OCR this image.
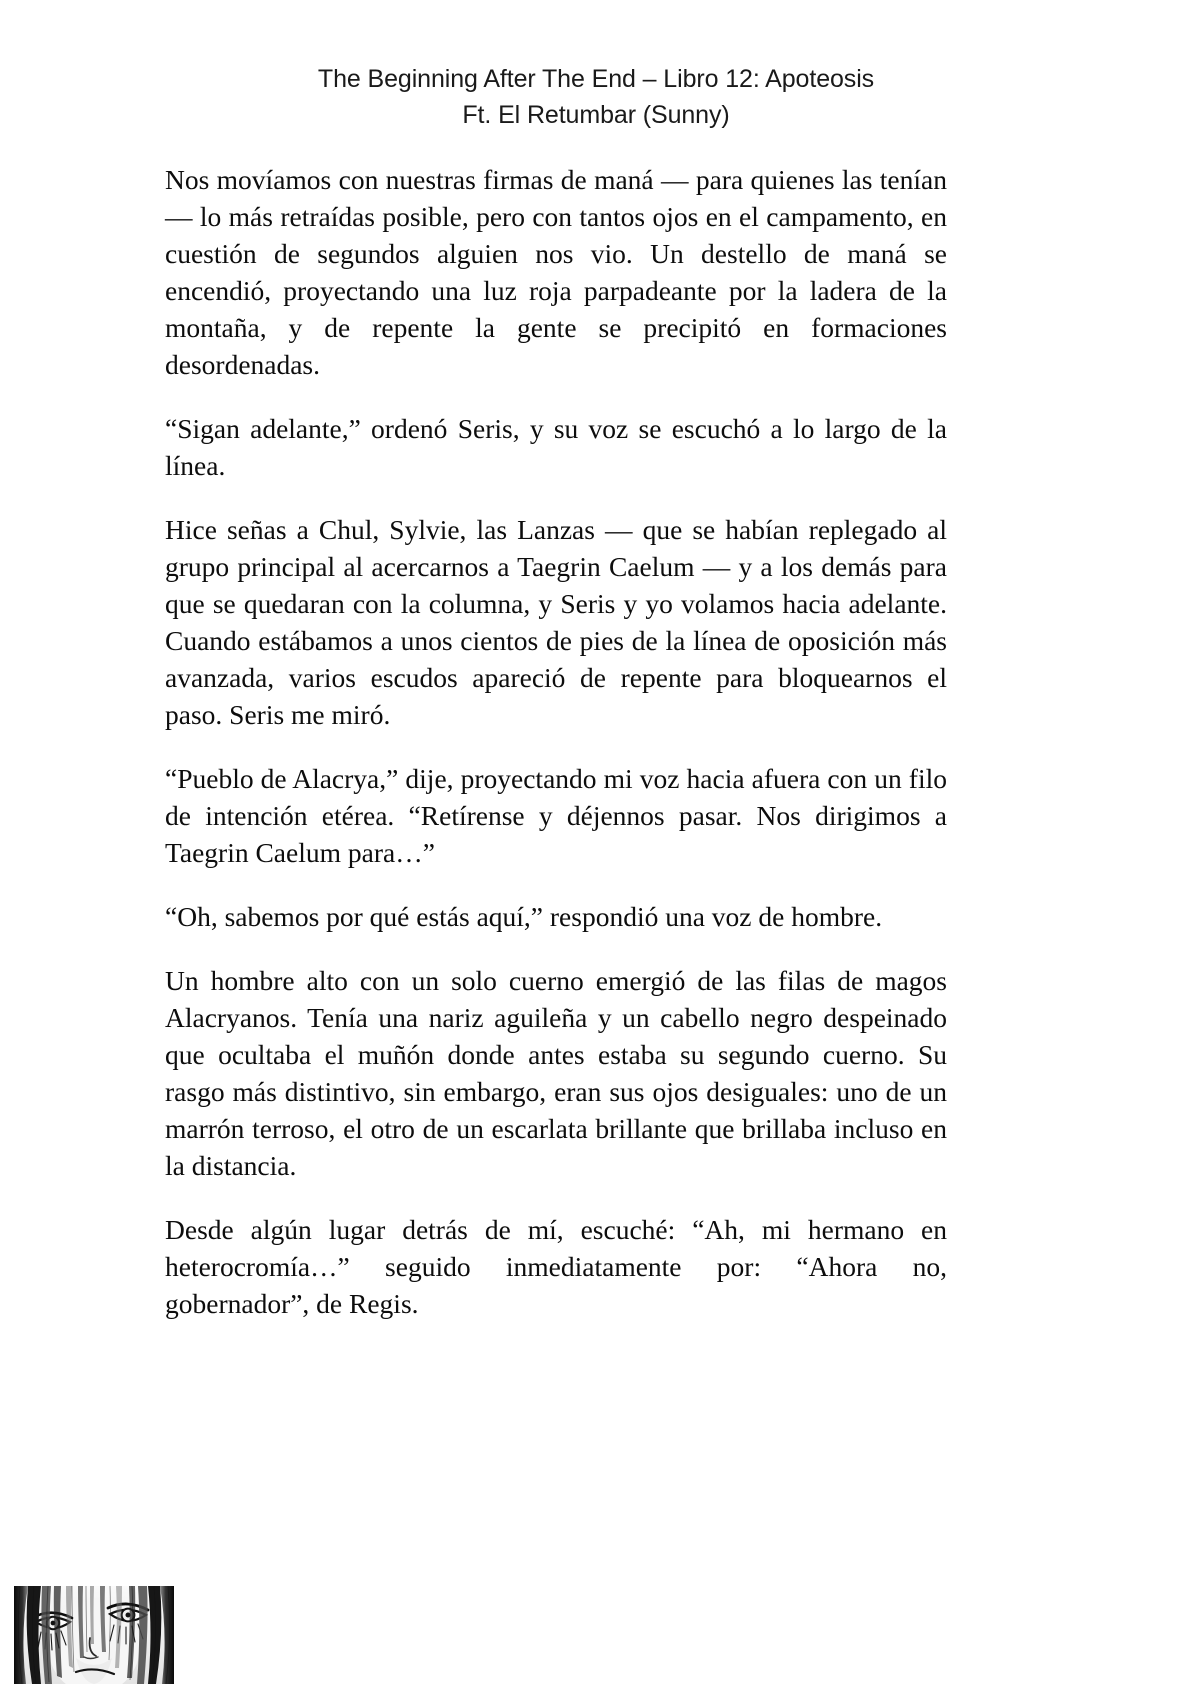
The Beginning After The End – Libro 12: Apoteosis
Ft. El Retumbar (Sunny)

Nos movíamos con nuestras firmas de maná — para quienes las tenían — lo más retraídas posible, pero con tantos ojos en el campamento, en cuestión de segundos alguien nos vio. Un destello de maná se encendió, proyectando una luz roja parpadeante por la ladera de la montaña, y de repente la gente se precipitó en formaciones desordenadas.

“Sigan adelante,” ordenó Seris, y su voz se escuchó a lo largo de la línea.

Hice señas a Chul, Sylvie, las Lanzas — que se habían replegado al grupo principal al acercarnos a Taegrin Caelum — y a los demás para que se quedaran con la columna, y Seris y yo volamos hacia adelante. Cuando estábamos a unos cientos de pies de la línea de oposición más avanzada, varios escudos apareció de repente para bloquearnos el paso. Seris me miró.

“Pueblo de Alacrya,” dije, proyectando mi voz hacia afuera con un filo de intención etérea. “Retírense y déjennos pasar. Nos dirigimos a Taegrin Caelum para…”

“Oh, sabemos por qué estás aquí,” respondió una voz de hombre.

Un hombre alto con un solo cuerno emergió de las filas de magos Alacryanos. Tenía una nariz aguileña y un cabello negro despeinado que ocultaba el muñón donde antes estaba su segundo cuerno. Su rasgo más distintivo, sin embargo, eran sus ojos desiguales: uno de un marrón terroso, el otro de un escarlata brillante que brillaba incluso en la distancia.

Desde algún lugar detrás de mí, escuché: “Ah, mi hermano en heterocromía…” seguido inmediatamente por: “Ahora no, gobernador”, de Regis.
